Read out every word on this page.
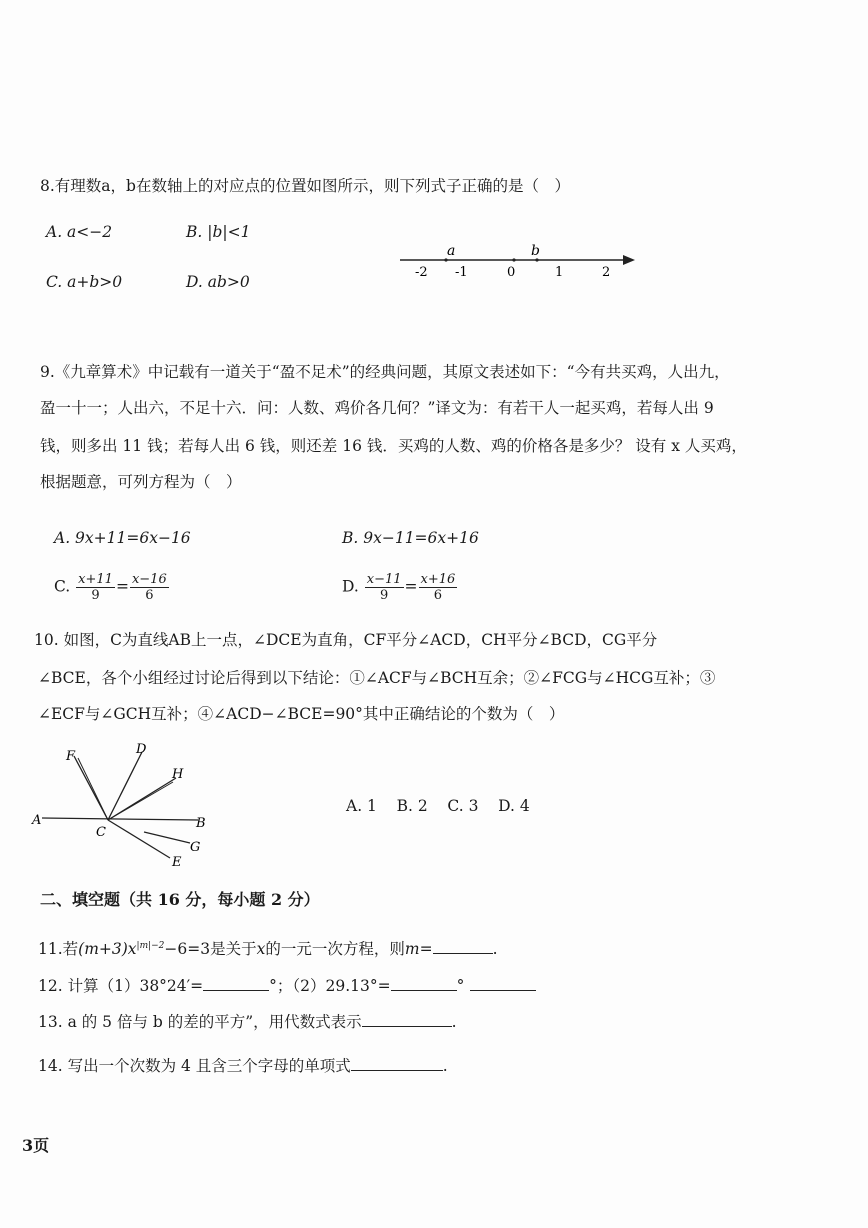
8.有理数a，b在数轴上的对应点的位置如图所示，则下列式子正确的是（　）
A. a<−2	B. |b|<1
C. a+b>0	D. ab>0
-2 -1	0	1	2
a	b
9.《九章算术》中记载有一道关于“盈不足术”的经典问题，其原文表述如下：“今有共买鸡，人出九，
盈一十一；人出六，不足十六．问：人数、鸡价各几何？”译文为：有若干人一起买鸡，若每人出 9
钱，则多出 11 钱；若每人出 6 钱，则还差 16 钱．买鸡的人数、鸡的价格各是多少？ 设有 x 人买鸡，
根据题意，可列方程为（　）
A. 9x+11=6x−16	B. 9x−11=6x+16
C. $\frac{x+11}{9} = \frac{x-16}{6}$	D. $\frac{x-11}{9} = \frac{x+16}{6}$
10. 如图，C为直线AB上一点，∠DCE为直角，CF平分∠ACD，CH平分∠BCD，CG平分
∠BCE，各个小组经过讨论后得到以下结论：①∠ACF与∠BCH互余；②∠FCG与∠HCG互补；③
∠ECF与∠GCH互补；④∠ACD−∠BCE=90°其中正确结论的个数为（　）
A	B
C
D
E
F
G
H
A. 1    B. 2    C. 3    D. 4
二、填空题（共 16 分，每小题 2 分）
11.若$(m+3)x^{|m|-2}-6=3$是关于x的一元一次方程，则m=	.
12. 计算（1）38°24′=	°；（2）29.13°=	°
13. a 的 5 倍与 b 的差的平方”，用代数式表示	.
14. 写出一个次数为 4 且含三个字母的单项式	.
3页
